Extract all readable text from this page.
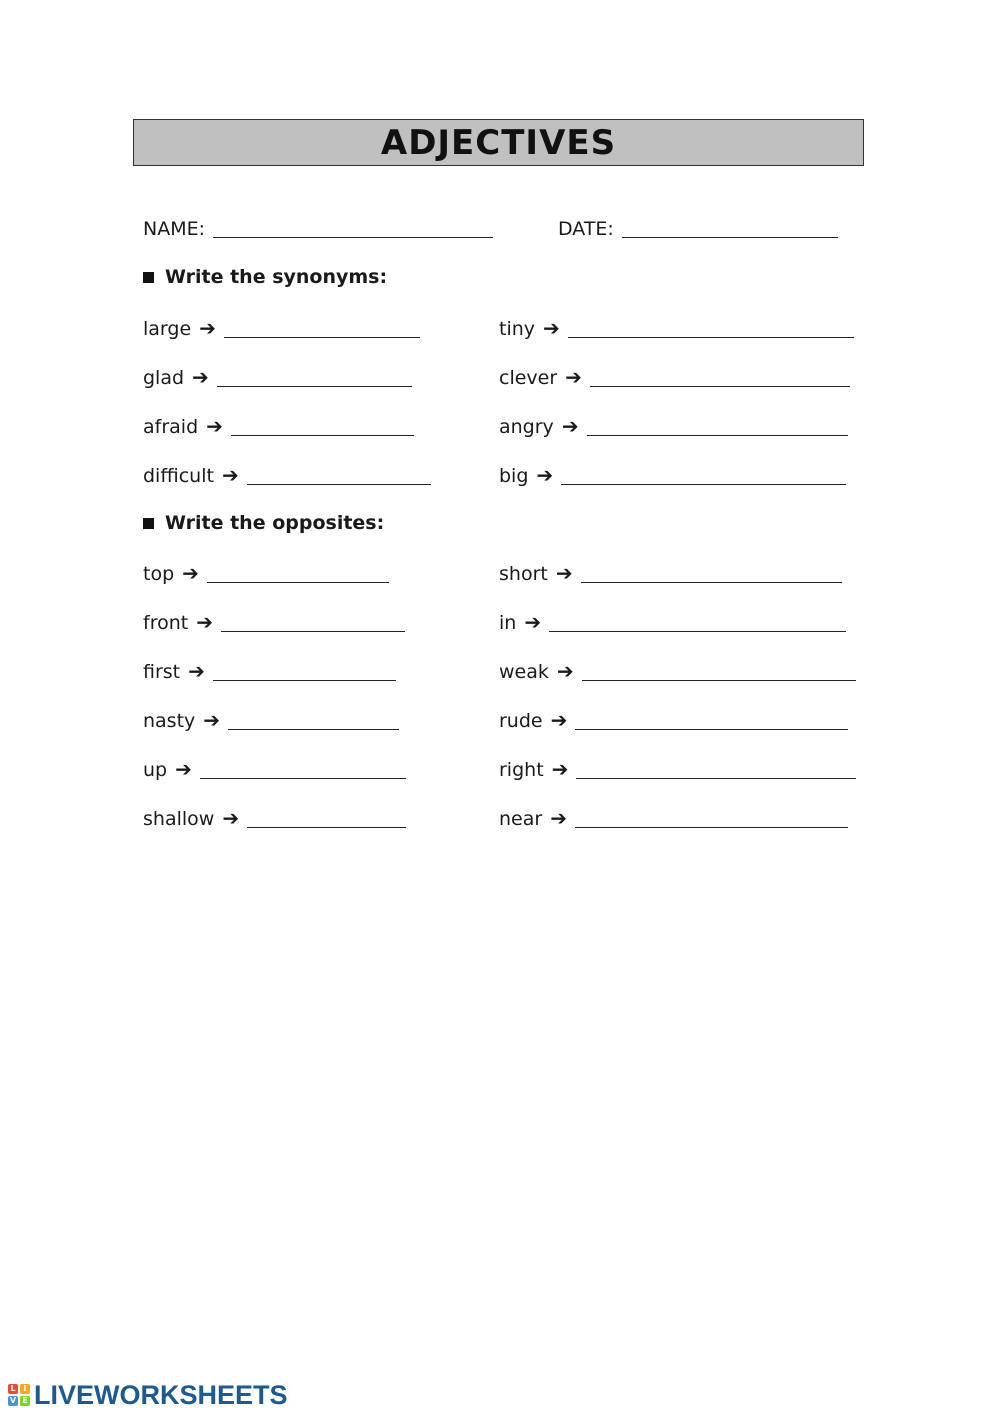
ADJECTIVES
NAME:	DATE:
Write the synonyms:
Write the opposites:
large ➔
glad ➔
afraid ➔
difficult ➔
tiny ➔
clever ➔
angry ➔
big ➔
top ➔
front ➔
first ➔
nasty ➔
up ➔
shallow ➔
short ➔
in ➔
weak ➔
rude ➔
right ➔
near ➔
L I
V E LIVEWORKSHEETS
